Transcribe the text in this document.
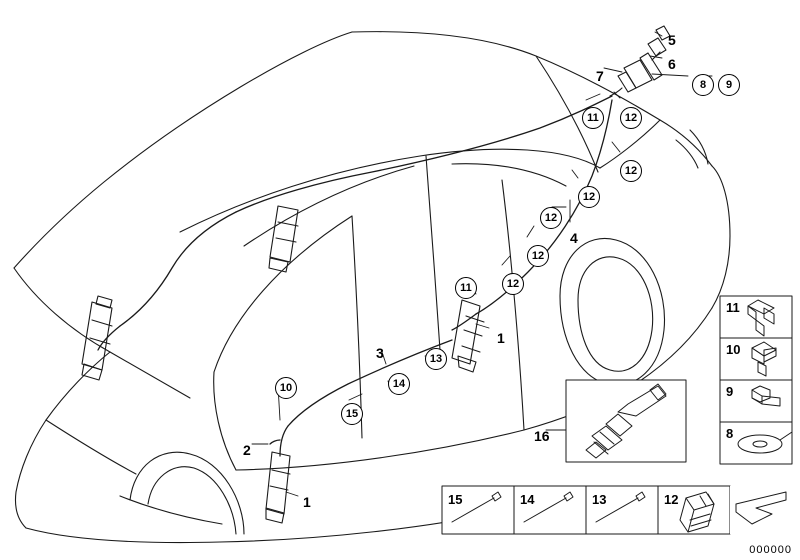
5
6
7
8	9
11	12
12
12
12
4
12
12
11
1
13
3
14
15
10
2
1
16
11
10
9
8
15	14	13	12
000000
